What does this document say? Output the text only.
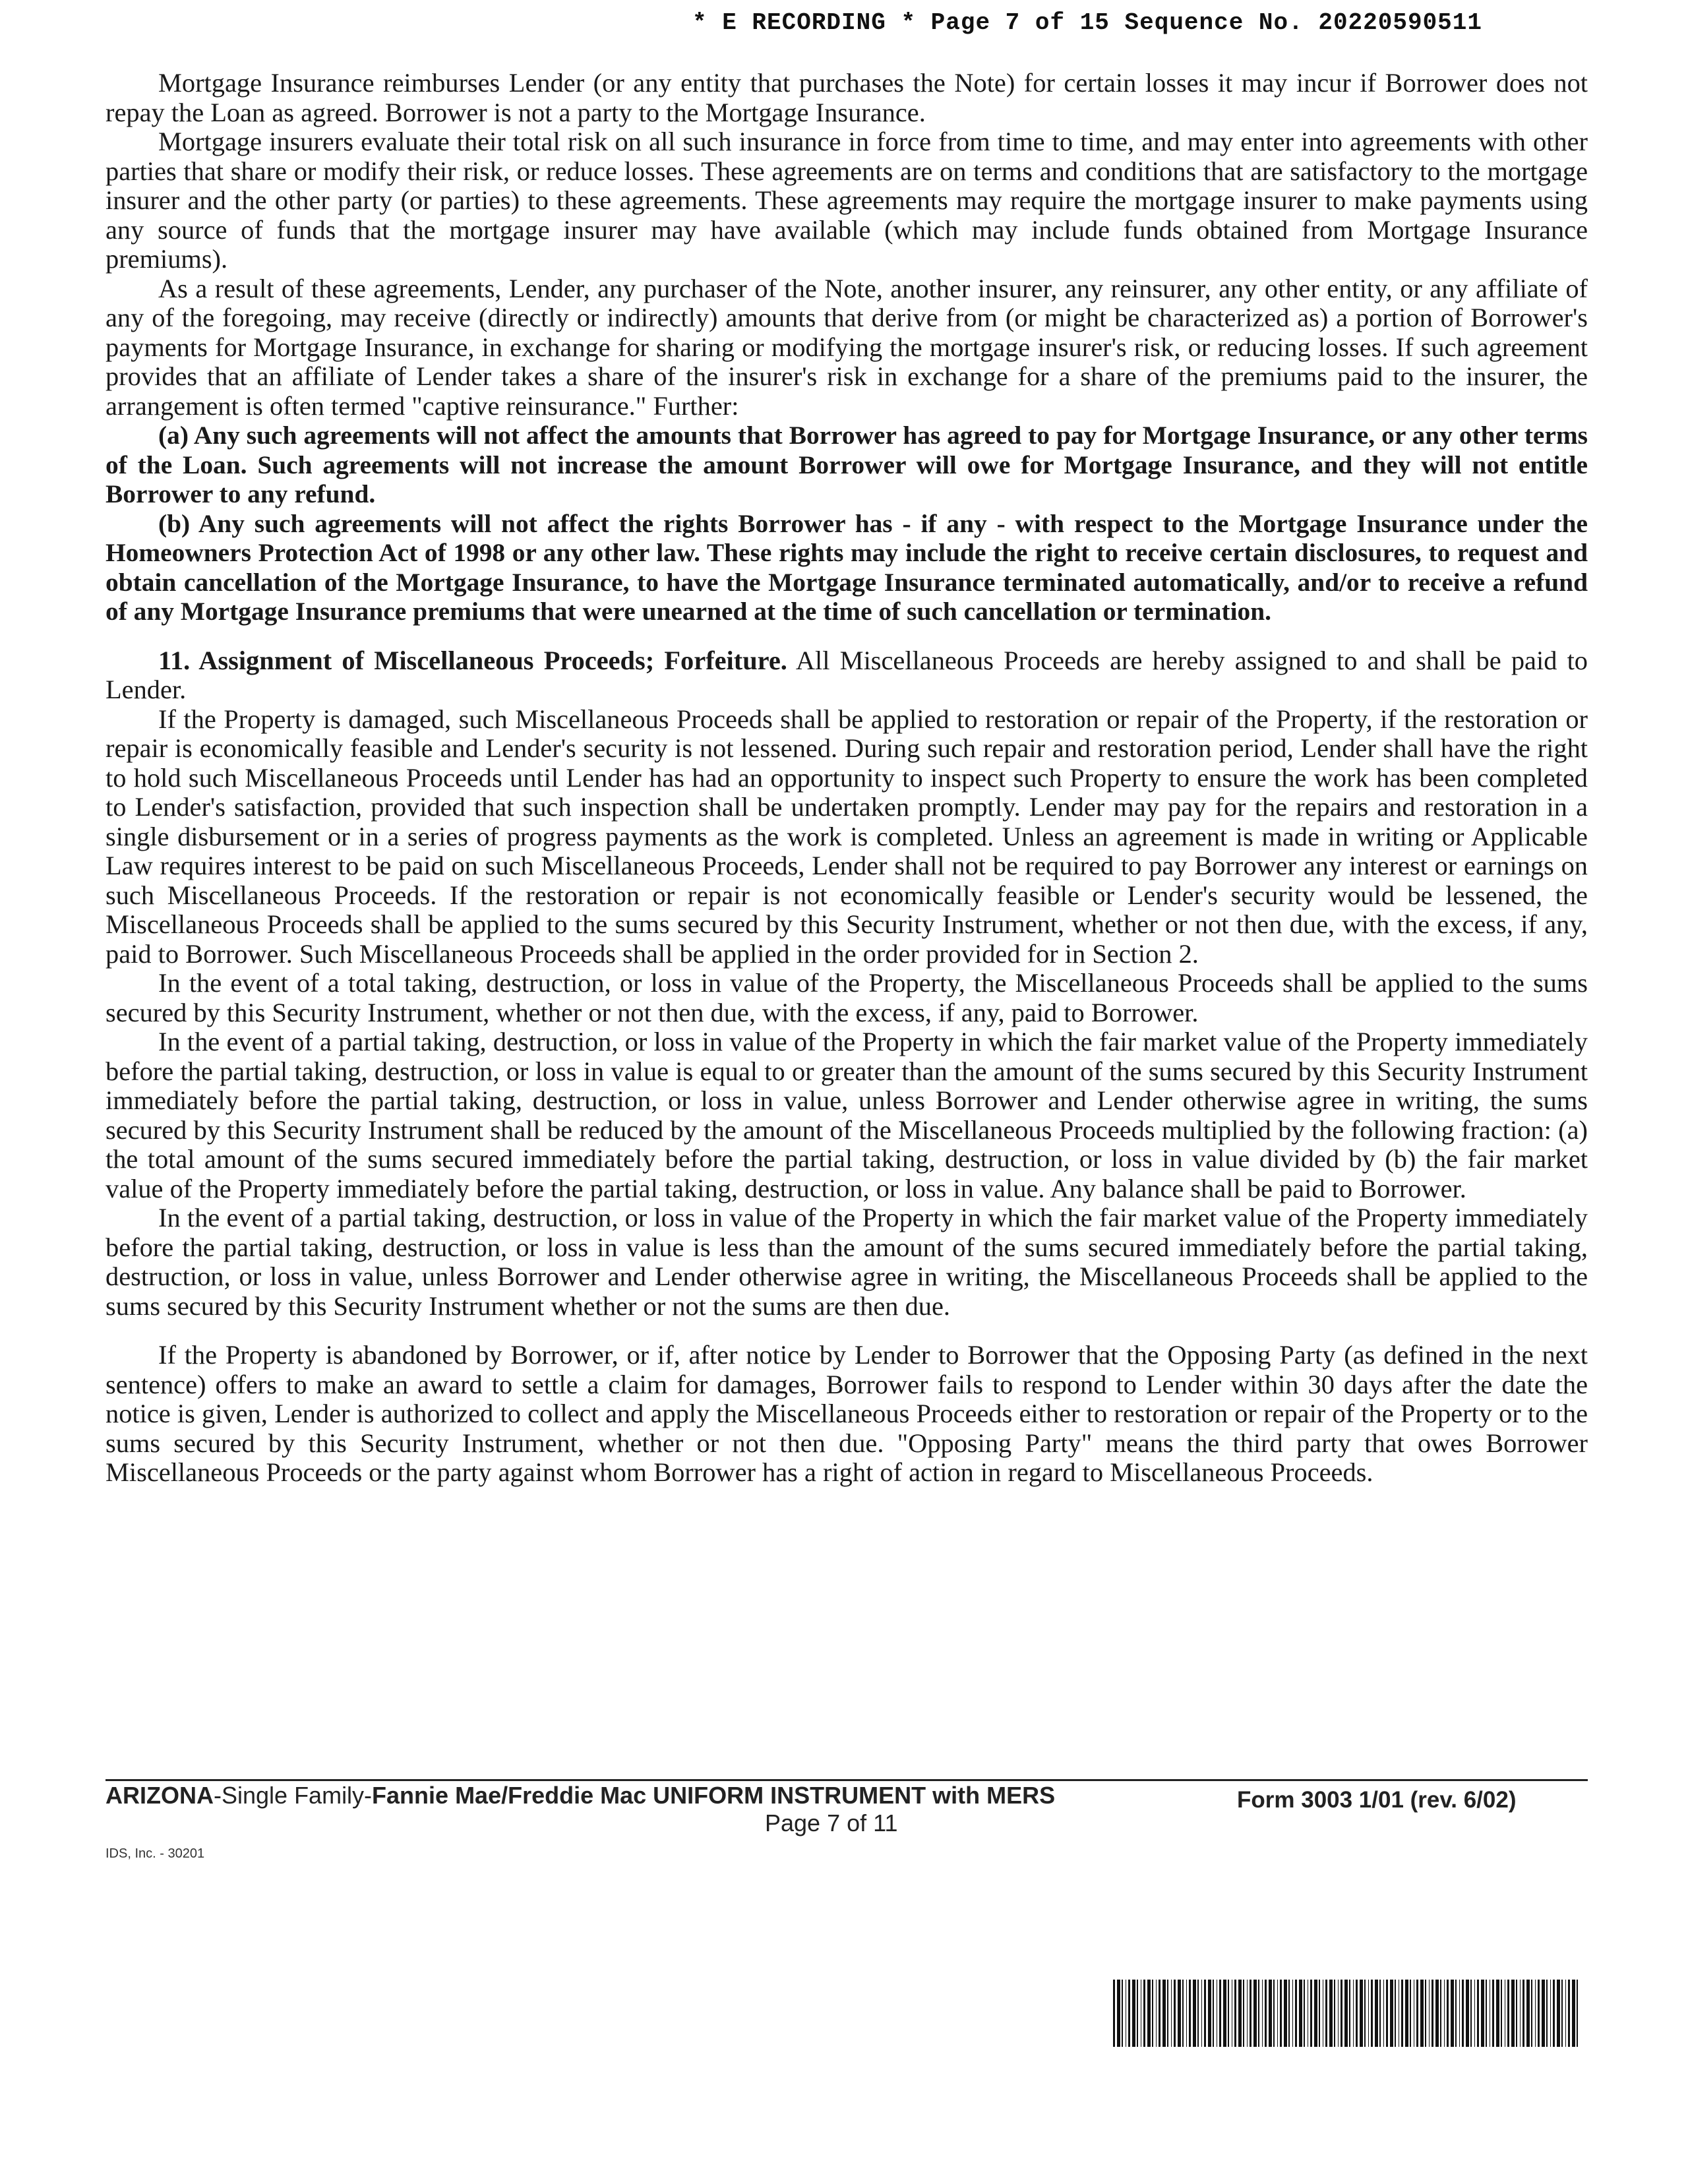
* E RECORDING * Page 7 of 15 Sequence No. 20220590511

Mortgage Insurance reimburses Lender (or any entity that purchases the Note) for certain losses it may incur if Borrower does not repay the Loan as agreed. Borrower is not a party to the Mortgage Insurance.

Mortgage insurers evaluate their total risk on all such insurance in force from time to time, and may enter into agreements with other parties that share or modify their risk, or reduce losses. These agreements are on terms and conditions that are satisfactory to the mortgage insurer and the other party (or parties) to these agreements. These agreements may require the mortgage insurer to make payments using any source of funds that the mortgage insurer may have available (which may include funds obtained from Mortgage Insurance premiums).

As a result of these agreements, Lender, any purchaser of the Note, another insurer, any reinsurer, any other entity, or any affiliate of any of the foregoing, may receive (directly or indirectly) amounts that derive from (or might be characterized as) a portion of Borrower's payments for Mortgage Insurance, in exchange for sharing or modifying the mortgage insurer's risk, or reducing losses. If such agreement provides that an affiliate of Lender takes a share of the insurer's risk in exchange for a share of the premiums paid to the insurer, the arrangement is often termed "captive reinsurance." Further:

(a) Any such agreements will not affect the amounts that Borrower has agreed to pay for Mortgage Insurance, or any other terms of the Loan. Such agreements will not increase the amount Borrower will owe for Mortgage Insurance, and they will not entitle Borrower to any refund.

(b) Any such agreements will not affect the rights Borrower has - if any - with respect to the Mortgage Insurance under the Homeowners Protection Act of 1998 or any other law. These rights may include the right to receive certain disclosures, to request and obtain cancellation of the Mortgage Insurance, to have the Mortgage Insurance terminated automatically, and/or to receive a refund of any Mortgage Insurance premiums that were unearned at the time of such cancellation or termination.

11. Assignment of Miscellaneous Proceeds; Forfeiture. All Miscellaneous Proceeds are hereby assigned to and shall be paid to Lender.

If the Property is damaged, such Miscellaneous Proceeds shall be applied to restoration or repair of the Property, if the restoration or repair is economically feasible and Lender's security is not lessened. During such repair and restoration period, Lender shall have the right to hold such Miscellaneous Proceeds until Lender has had an opportunity to inspect such Property to ensure the work has been completed to Lender's satisfaction, provided that such inspection shall be undertaken promptly. Lender may pay for the repairs and restoration in a single disbursement or in a series of progress payments as the work is completed. Unless an agreement is made in writing or Applicable Law requires interest to be paid on such Miscellaneous Proceeds, Lender shall not be required to pay Borrower any interest or earnings on such Miscellaneous Proceeds. If the restoration or repair is not economically feasible or Lender's security would be lessened, the Miscellaneous Proceeds shall be applied to the sums secured by this Security Instrument, whether or not then due, with the excess, if any, paid to Borrower. Such Miscellaneous Proceeds shall be applied in the order provided for in Section 2.

In the event of a total taking, destruction, or loss in value of the Property, the Miscellaneous Proceeds shall be applied to the sums secured by this Security Instrument, whether or not then due, with the excess, if any, paid to Borrower.

In the event of a partial taking, destruction, or loss in value of the Property in which the fair market value of the Property immediately before the partial taking, destruction, or loss in value is equal to or greater than the amount of the sums secured by this Security Instrument immediately before the partial taking, destruction, or loss in value, unless Borrower and Lender otherwise agree in writing, the sums secured by this Security Instrument shall be reduced by the amount of the Miscellaneous Proceeds multiplied by the following fraction: (a) the total amount of the sums secured immediately before the partial taking, destruction, or loss in value divided by (b) the fair market value of the Property immediately before the partial taking, destruction, or loss in value. Any balance shall be paid to Borrower.

In the event of a partial taking, destruction, or loss in value of the Property in which the fair market value of the Property immediately before the partial taking, destruction, or loss in value is less than the amount of the sums secured immediately before the partial taking, destruction, or loss in value, unless Borrower and Lender otherwise agree in writing, the Miscellaneous Proceeds shall be applied to the sums secured by this Security Instrument whether or not the sums are then due.

If the Property is abandoned by Borrower, or if, after notice by Lender to Borrower that the Opposing Party (as defined in the next sentence) offers to make an award to settle a claim for damages, Borrower fails to respond to Lender within 30 days after the date the notice is given, Lender is authorized to collect and apply the Miscellaneous Proceeds either to restoration or repair of the Property or to the sums secured by this Security Instrument, whether or not then due. "Opposing Party" means the third party that owes Borrower Miscellaneous Proceeds or the party against whom Borrower has a right of action in regard to Miscellaneous Proceeds.

ARIZONA-Single Family-Fannie Mae/Freddie Mac UNIFORM INSTRUMENT with MERS	Form 3003 1/01 (rev. 6/02)
Page 7 of 11
IDS, Inc. - 30201
